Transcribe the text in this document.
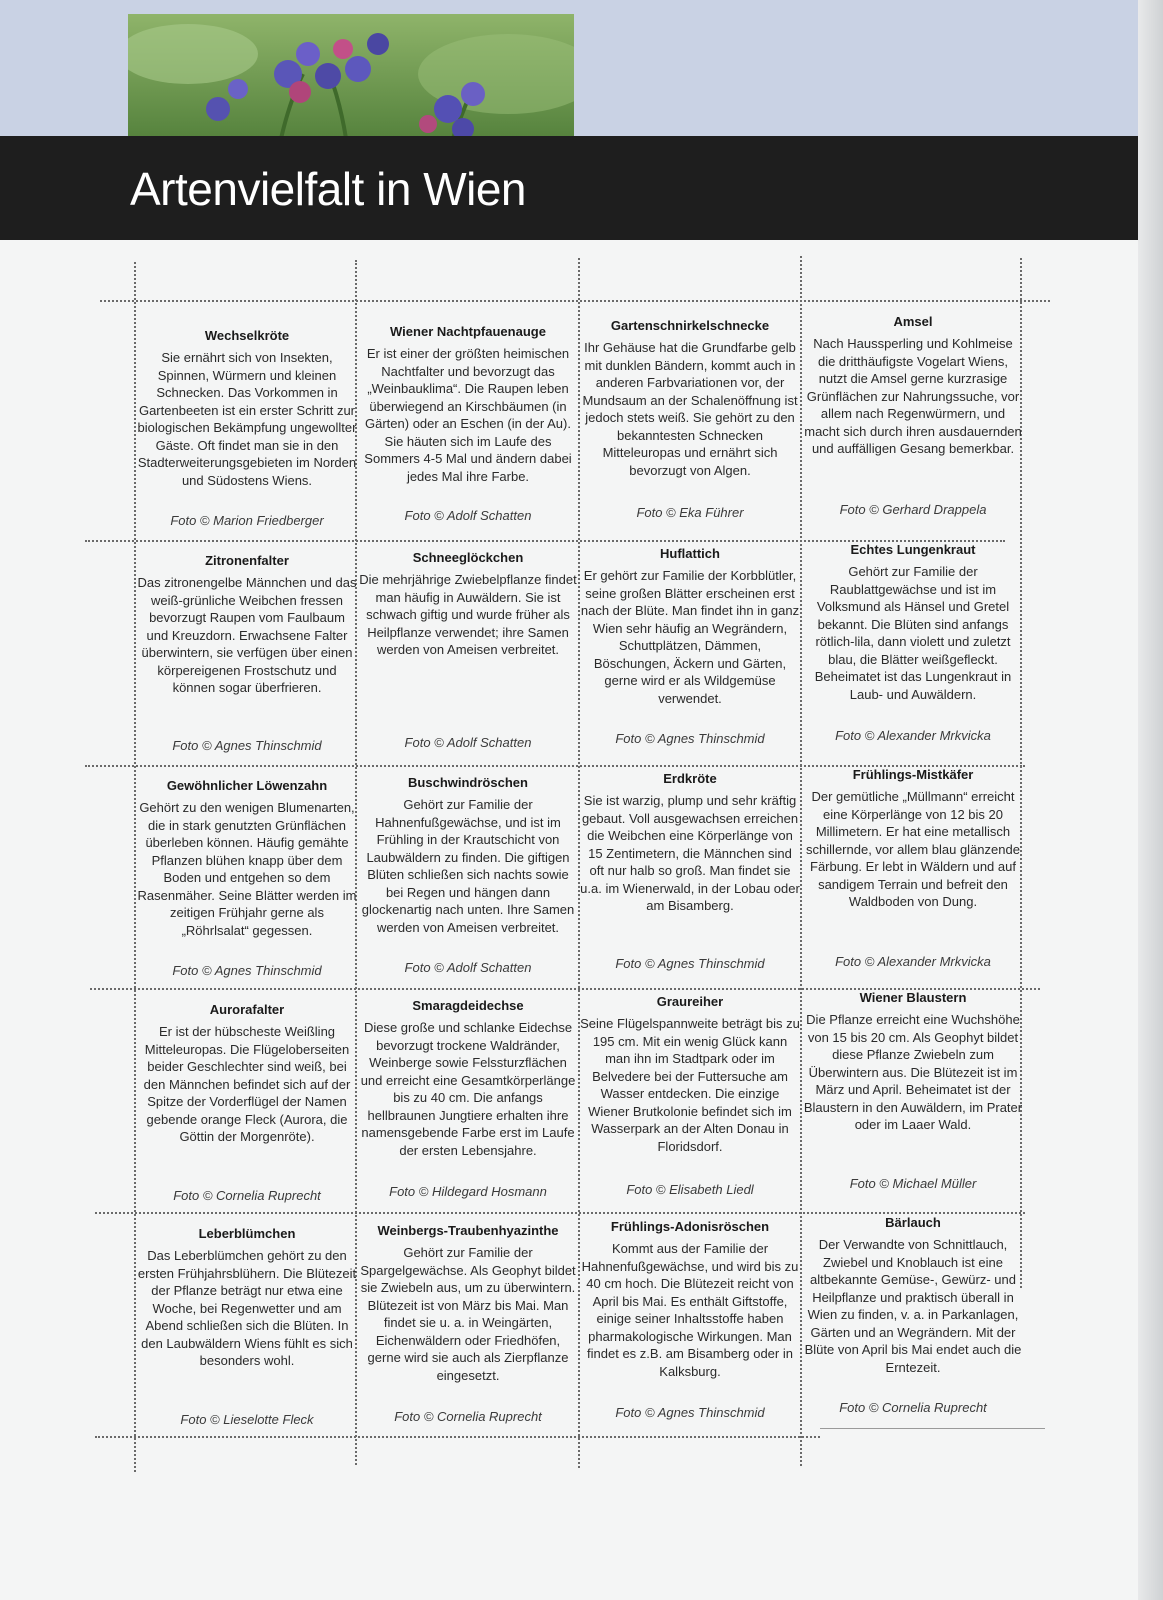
Artenvielfalt in Wien
Wechselkröte

Sie ernährt sich von Insekten, Spinnen, Würmern und kleinen Schnecken. Das Vorkommen in Gartenbeeten ist ein erster Schritt zur biologischen Bekämpfung ungewollter Gäste. Oft findet man sie in den Stadterweiterungsgebieten im Norden und Südostens Wiens.

Foto © Marion Friedberger
Wiener Nachtpfauenauge

Er ist einer der größten heimischen Nachtfalter und bevorzugt das „Weinbauklima“. Die Raupen leben überwiegend an Kirschbäumen (in Gärten) oder an Eschen (in der Au). Sie häuten sich im Laufe des Sommers 4-5 Mal und ändern dabei jedes Mal ihre Farbe.

Foto © Adolf Schatten
Gartenschnirkelschnecke

Ihr Gehäuse hat die Grundfarbe gelb mit dunklen Bändern, kommt auch in anderen Farbvariationen vor, der Mundsaum an der Schalenöffnung ist jedoch stets weiß. Sie gehört zu den bekanntesten Schnecken Mitteleuropas und ernährt sich bevorzugt von Algen.

Foto © Eka Führer
Amsel

Nach Haussperling und Kohlmeise die dritthäufigste Vogelart Wiens, nutzt die Amsel gerne kurzrasige Grünflächen zur Nahrungssuche, vor allem nach Regenwürmern, und macht sich durch ihren ausdauernden und auffälligen Gesang bemerkbar.

Foto © Gerhard Drappela
Zitronenfalter

Das zitronengelbe Männchen und das weiß-grünliche Weibchen fressen bevorzugt Raupen vom Faulbaum und Kreuzdorn. Erwachsene Falter überwintern, sie verfügen über einen körpereigenen Frostschutz und können sogar überfrieren.

Foto © Agnes Thinschmid
Schneeglöckchen

Die mehrjährige Zwiebelpflanze findet man häufig in Auwäldern. Sie ist schwach giftig und wurde früher als Heilpflanze verwendet; ihre Samen werden von Ameisen verbreitet.

Foto © Adolf Schatten
Huflattich

Er gehört zur Familie der Korbblütler, seine großen Blätter erscheinen erst nach der Blüte. Man findet ihn in ganz Wien sehr häufig an Wegrändern, Schuttplätzen, Dämmen, Böschungen, Äckern und Gärten, gerne wird er als Wildgemüse verwendet.

Foto © Agnes Thinschmid
Echtes Lungenkraut

Gehört zur Familie der Raublattgewächse und ist im Volksmund als Hänsel und Gretel bekannt. Die Blüten sind anfangs rötlich-lila, dann violett und zuletzt blau, die Blätter weißgefleckt. Beheimatet ist das Lungenkraut in Laub- und Auwäldern.

Foto © Alexander Mrkvicka
Gewöhnlicher Löwenzahn

Gehört zu den wenigen Blumenarten, die in stark genutzten Grünflächen überleben können. Häufig gemähte Pflanzen blühen knapp über dem Boden und entgehen so dem Rasenmäher. Seine Blätter werden im zeitigen Frühjahr gerne als „Röhrlsalat“ gegessen.

Foto © Agnes Thinschmid
Buschwindröschen

Gehört zur Familie der Hahnenfußgewächse, und ist im Frühling in der Krautschicht von Laubwäldern zu finden. Die giftigen Blüten schließen sich nachts sowie bei Regen und hängen dann glockenartig nach unten. Ihre Samen werden von Ameisen verbreitet.

Foto © Adolf Schatten
Erdkröte

Sie ist warzig, plump und sehr kräftig gebaut. Voll ausgewachsen erreichen die Weibchen eine Körperlänge von 15 Zentimetern, die Männchen sind oft nur halb so groß. Man findet sie u.a. im Wienerwald, in der Lobau oder am Bisamberg.

Foto © Agnes Thinschmid
Frühlings-Mistkäfer

Der gemütliche „Müllmann“ erreicht eine Körperlänge von 12 bis 20 Millimetern. Er hat eine metallisch schillernde, vor allem blau glänzende Färbung. Er lebt in Wäldern und auf sandigem Terrain und befreit den Waldboden von Dung.

Foto © Alexander Mrkvicka
Aurorafalter

Er ist der hübscheste Weißling Mitteleuropas. Die Flügeloberseiten beider Geschlechter sind weiß, bei den Männchen befindet sich auf der Spitze der Vorderflügel der Namen gebende orange Fleck (Aurora, die Göttin der Morgenröte).

Foto © Cornelia Ruprecht
Smaragdeidechse

Diese große und schlanke Eidechse bevorzugt trockene Waldränder, Weinberge sowie Felssturzflächen und erreicht eine Gesamtkörperlänge bis zu 40 cm. Die anfangs hellbraunen Jungtiere erhalten ihre namensgebende Farbe erst im Laufe der ersten Lebensjahre.

Foto © Hildegard Hosmann
Graureiher

Seine Flügelspannweite beträgt bis zu 195 cm. Mit ein wenig Glück kann man ihn im Stadtpark oder im Belvedere bei der Futtersuche am Wasser entdecken. Die einzige Wiener Brutkolonie befindet sich im Wasserpark an der Alten Donau in Floridsdorf.

Foto © Elisabeth Liedl
Wiener Blaustern

Die Pflanze erreicht eine Wuchshöhe von 15 bis 20 cm. Als Geophyt bildet diese Pflanze Zwiebeln zum Überwintern aus. Die Blütezeit ist im März und April. Beheimatet ist der Blaustern in den Auwäldern, im Prater oder im Laaer Wald.

Foto © Michael Müller
Leberblümchen

Das Leberblümchen gehört zu den ersten Frühjahrsblühern. Die Blütezeit der Pflanze beträgt nur etwa eine Woche, bei Regenwetter und am Abend schließen sich die Blüten. In den Laubwäldern Wiens fühlt es sich besonders wohl.

Foto © Lieselotte Fleck
Weinbergs-Traubenhyazinthe

Gehört zur Familie der Spargelgewächse. Als Geophyt bildet sie Zwiebeln aus, um zu überwintern. Blütezeit ist von März bis Mai. Man findet sie u. a. in Weingärten, Eichenwäldern oder Friedhöfen, gerne wird sie auch als Zierpflanze eingesetzt.

Foto © Cornelia Ruprecht
Frühlings-Adonisröschen

Kommt aus der Familie der Hahnenfußgewächse, und wird bis zu 40 cm hoch. Die Blütezeit reicht von April bis Mai. Es enthält Giftstoffe, einige seiner Inhaltsstoffe haben pharmakologische Wirkungen. Man findet es z.B. am Bisamberg oder in Kalksburg.

Foto © Agnes Thinschmid
Bärlauch

Der Verwandte von Schnittlauch, Zwiebel und Knoblauch ist eine altbekannte Gemüse-, Gewürz- und Heilpflanze und praktisch überall in Wien zu finden, v. a. in Parkanlagen, Gärten und an Wegrändern. Mit der Blüte von April bis Mai endet auch die Erntezeit.

Foto © Cornelia Ruprecht
